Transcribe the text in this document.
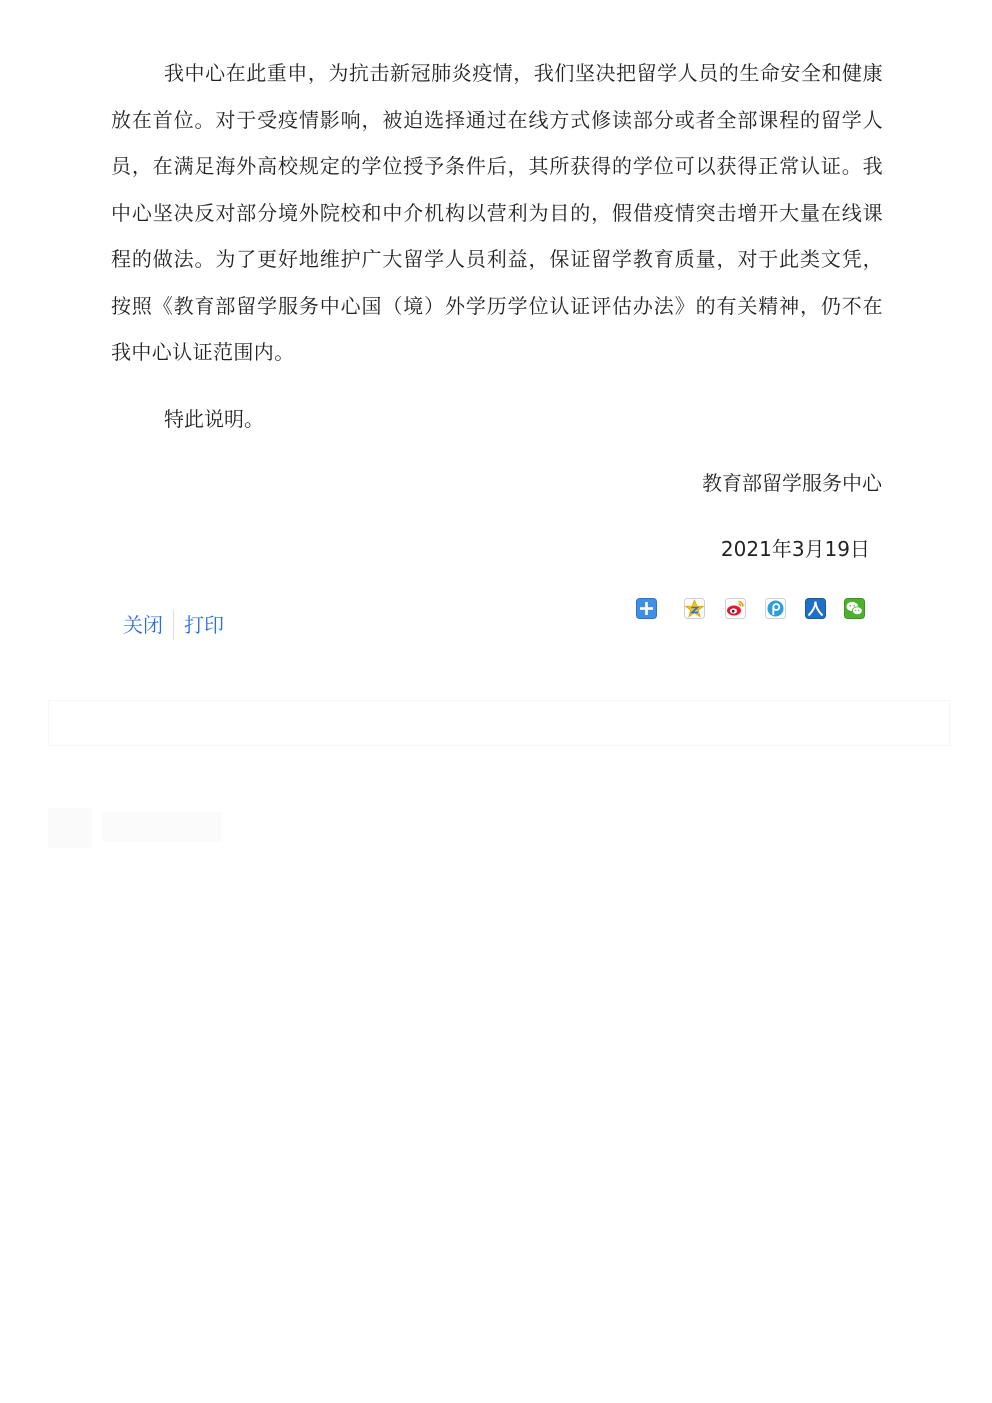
我中心在此重申，为抗击新冠肺炎疫情，我们坚决把留学人员的生命安全和健康放在首位。对于受疫情影响，被迫选择通过在线方式修读部分或者全部课程的留学人员，在满足海外高校规定的学位授予条件后，其所获得的学位可以获得正常认证。我中心坚决反对部分境外院校和中介机构以营利为目的，假借疫情突击增开大量在线课程的做法。为了更好地维护广大留学人员利益，保证留学教育质量，对于此类文凭，按照《教育部留学服务中心国（境）外学历学位认证评估办法》的有关精神，仍不在我中心认证范围内。

特此说明。

教育部留学服务中心
2021年3月19日
关闭	打印
